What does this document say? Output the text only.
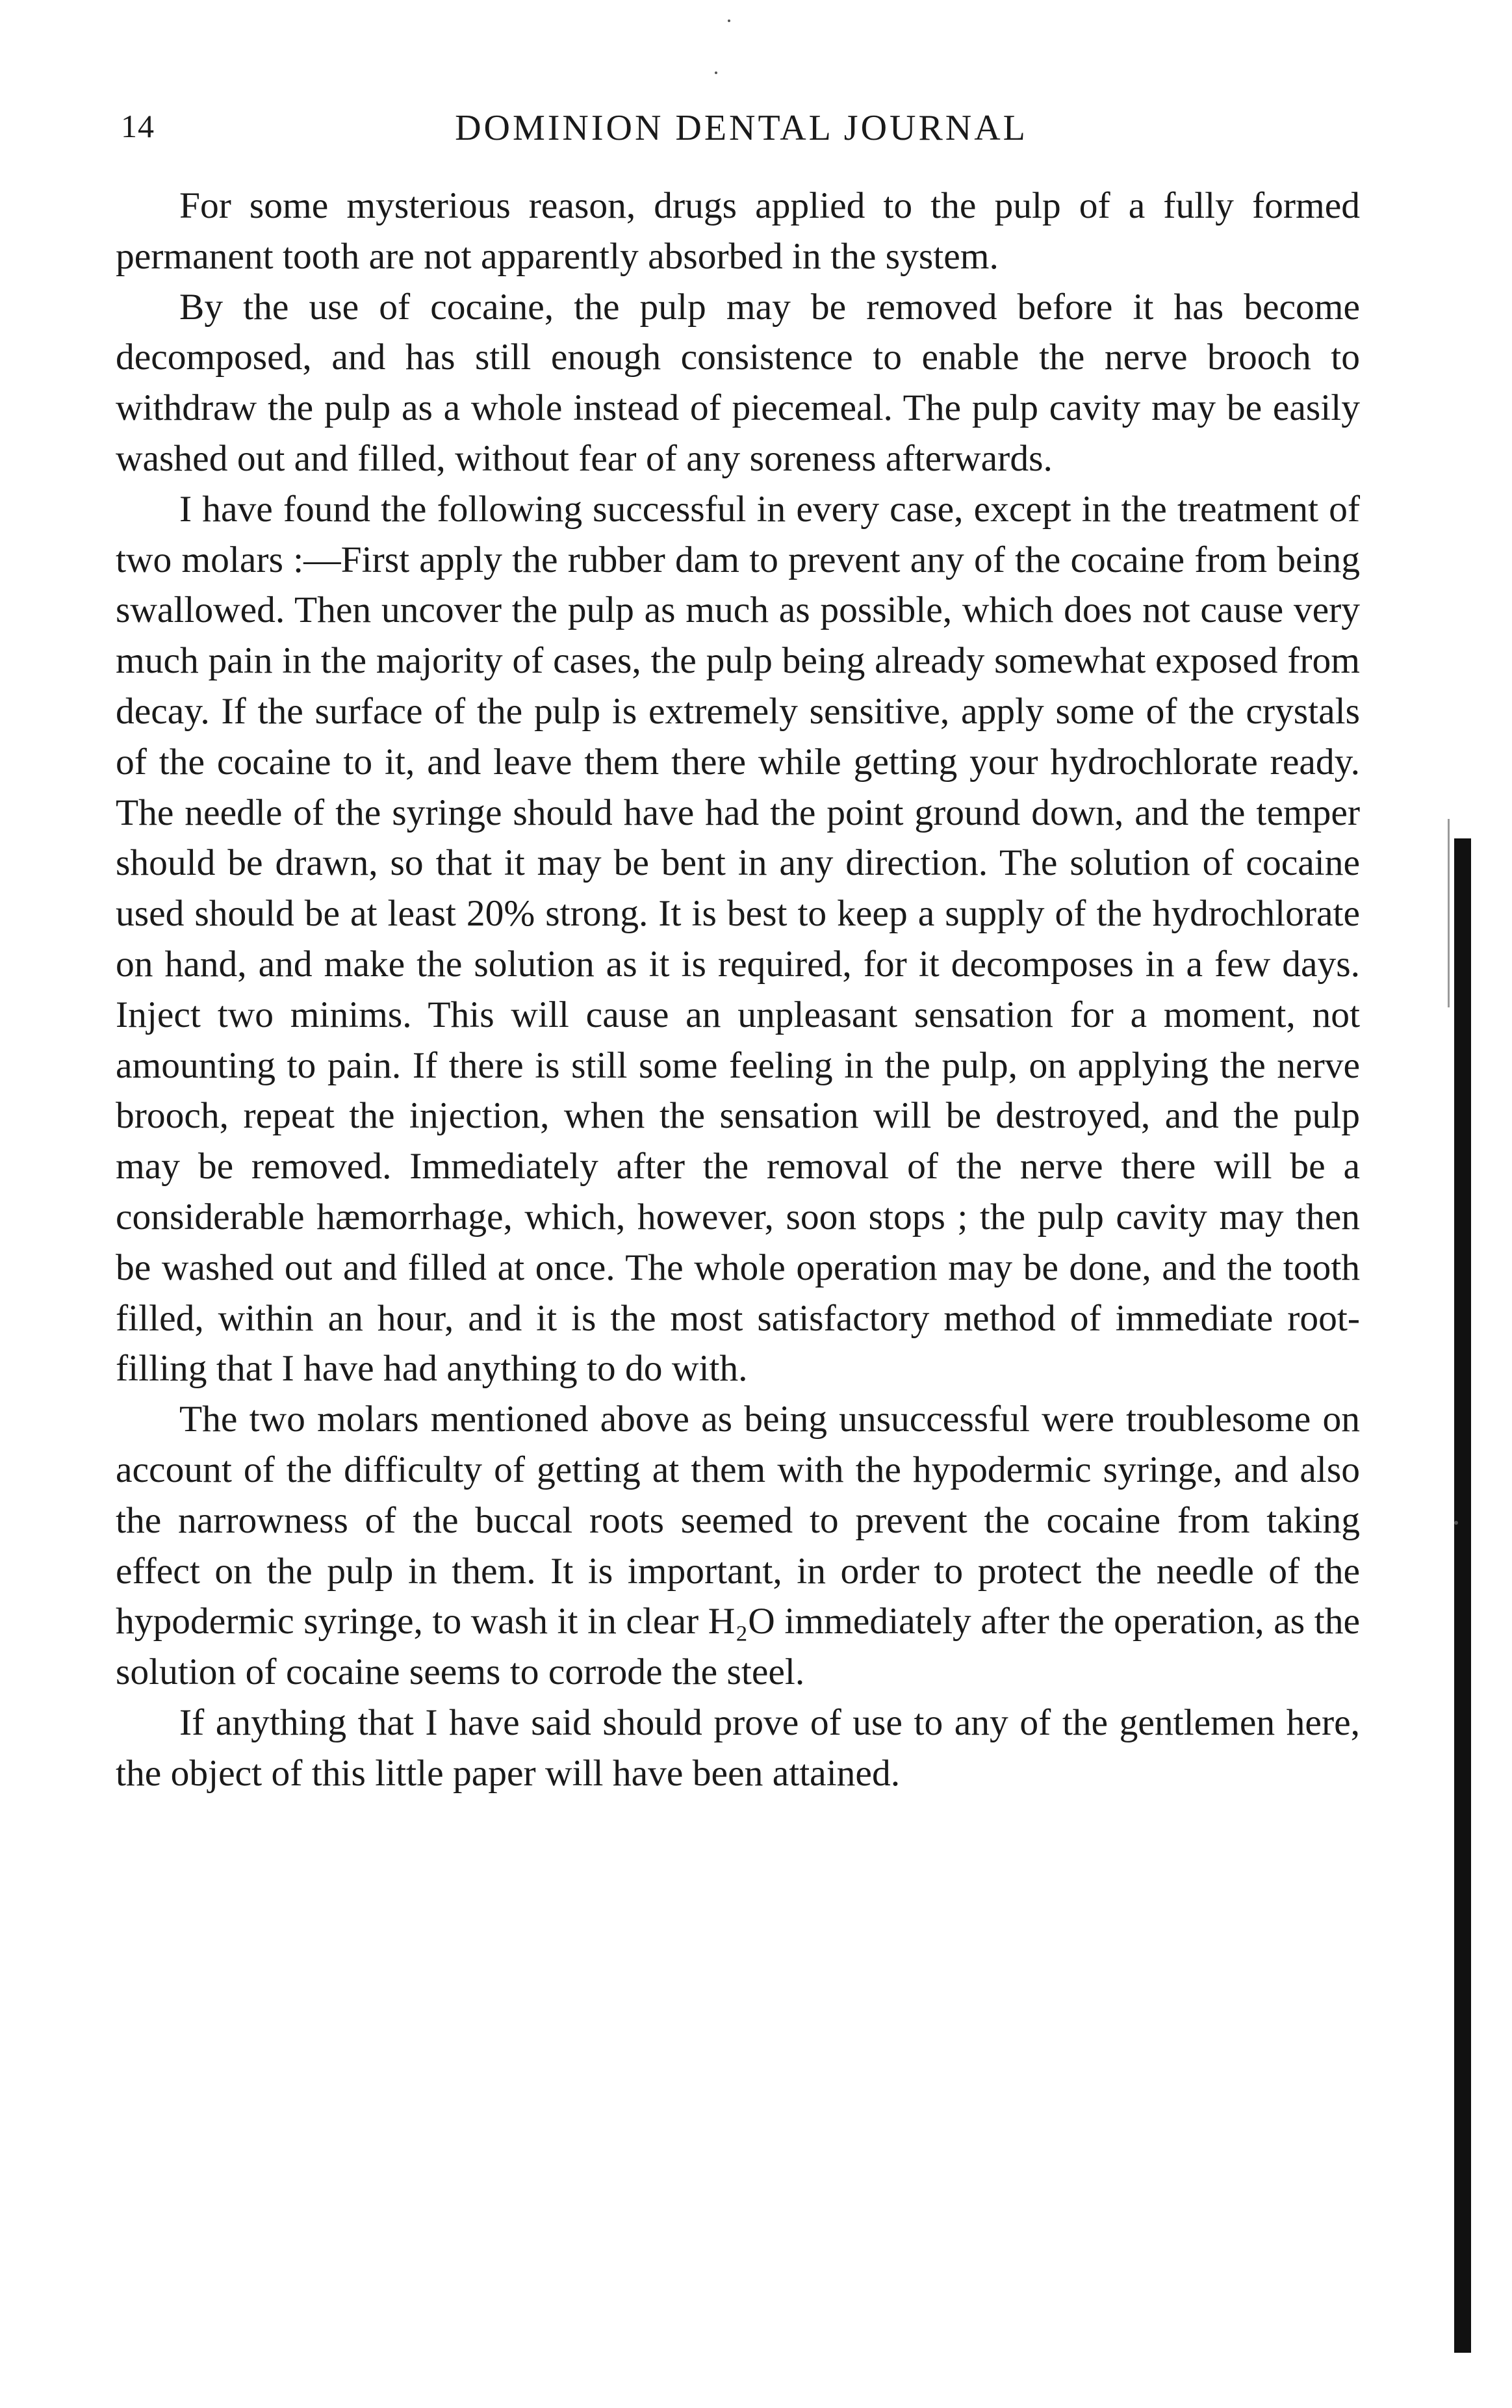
14	DOMINION DENTAL JOURNAL

For some mysterious reason, drugs applied to the pulp of a fully formed permanent tooth are not apparently absorbed in the system.

By the use of cocaine, the pulp may be removed before it has become decomposed, and has still enough consistence to enable the nerve brooch to withdraw the pulp as a whole instead of piecemeal. The pulp cavity may be easily washed out and filled, without fear of any soreness afterwards.

I have found the following successful in every case, except in the treatment of two molars :—First apply the rubber dam to prevent any of the cocaine from being swallowed. Then uncover the pulp as much as possible, which does not cause very much pain in the majority of cases, the pulp being already somewhat exposed from decay. If the surface of the pulp is extremely sensitive, apply some of the crystals of the cocaine to it, and leave them there while getting your hydrochlorate ready. The needle of the syringe should have had the point ground down, and the temper should be drawn, so that it may be bent in any direction. The solution of cocaine used should be at least 20% strong. It is best to keep a supply of the hydrochlorate on hand, and make the solution as it is required, for it decomposes in a few days. Inject two minims. This will cause an unpleasant sensation for a moment, not amounting to pain. If there is still some feeling in the pulp, on applying the nerve brooch, repeat the injection, when the sensation will be destroyed, and the pulp may be removed. Immediately after the removal of the nerve there will be a considerable hæmorrhage, which, however, soon stops ; the pulp cavity may then be washed out and filled at once. The whole operation may be done, and the tooth filled, within an hour, and it is the most satisfactory method of immediate root-filling that I have had anything to do with.

The two molars mentioned above as being unsuccessful were troublesome on account of the difficulty of getting at them with the hypodermic syringe, and also the narrowness of the buccal roots seemed to prevent the cocaine from taking effect on the pulp in them. It is important, in order to protect the needle of the hypodermic syringe, to wash it in clear H₂O immediately after the operation, as the solution of cocaine seems to corrode the steel.

If anything that I have said should prove of use to any of the gentlemen here, the object of this little paper will have been attained.
